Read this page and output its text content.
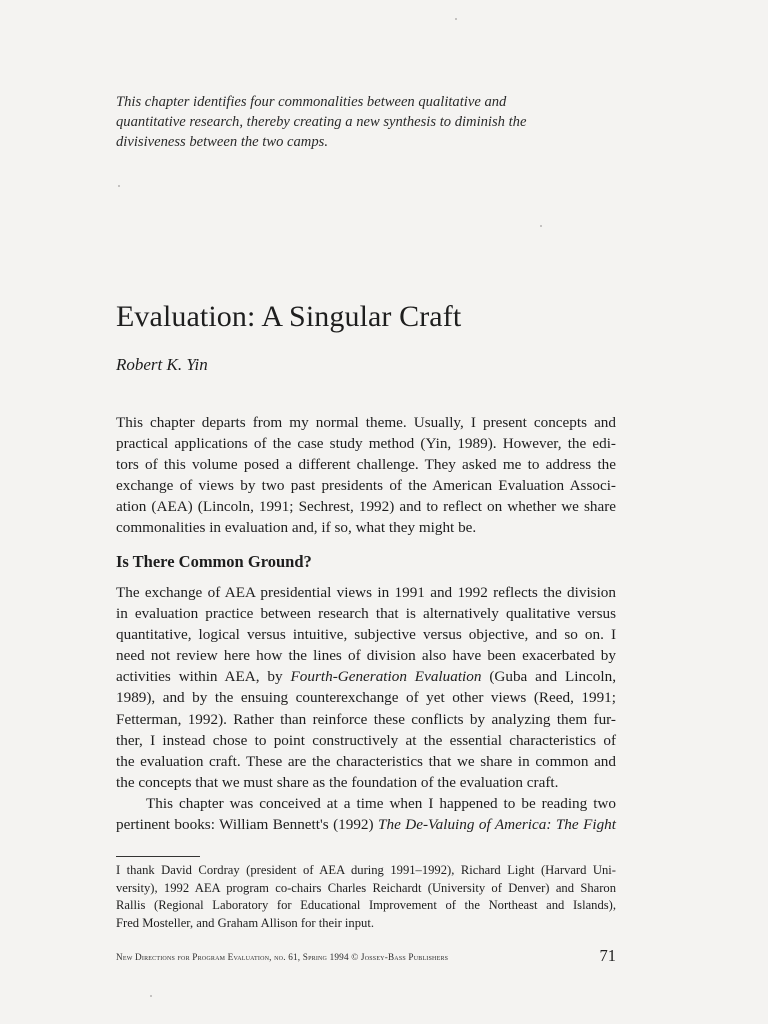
This chapter identifies four commonalities between qualitative and
quantitative research, thereby creating a new synthesis to diminish the
divisiveness between the two camps.
Evaluation: A Singular Craft

Robert K. Yin

This chapter departs from my normal theme. Usually, I present concepts and
practical applications of the case study method (Yin, 1989). However, the edi-
tors of this volume posed a different challenge. They asked me to address the
exchange of views by two past presidents of the American Evaluation Associ-
ation (AEA) (Lincoln, 1991; Sechrest, 1992) and to reflect on whether we share
commonalities in evaluation and, if so, what they might be.
Is There Common Ground?
The exchange of AEA presidential views in 1991 and 1992 reflects the division
in evaluation practice between research that is alternatively qualitative versus
quantitative, logical versus intuitive, subjective versus objective, and so on. I
need not review here how the lines of division also have been exacerbated by
activities within AEA, by Fourth-Generation Evaluation (Guba and Lincoln,
1989), and by the ensuing counterexchange of yet other views (Reed, 1991;
Fetterman, 1992). Rather than reinforce these conflicts by analyzing them fur-
ther, I instead chose to point constructively at the essential characteristics of
the evaluation craft. These are the characteristics that we share in common and
the concepts that we must share as the foundation of the evaluation craft.
This chapter was conceived at a time when I happened to be reading two
pertinent books: William Bennett's (1992) The De-Valuing of America: The Fight
I thank David Cordray (president of AEA during 1991–1992), Richard Light (Harvard Uni-
versity), 1992 AEA program co-chairs Charles Reichardt (University of Denver) and Sharon
Rallis (Regional Laboratory for Educational Improvement of the Northeast and Islands),
Fred Mosteller, and Graham Allison for their input.
New Directions for Program Evaluation, no. 61, Spring 1994 © Jossey-Bass Publishers	71
